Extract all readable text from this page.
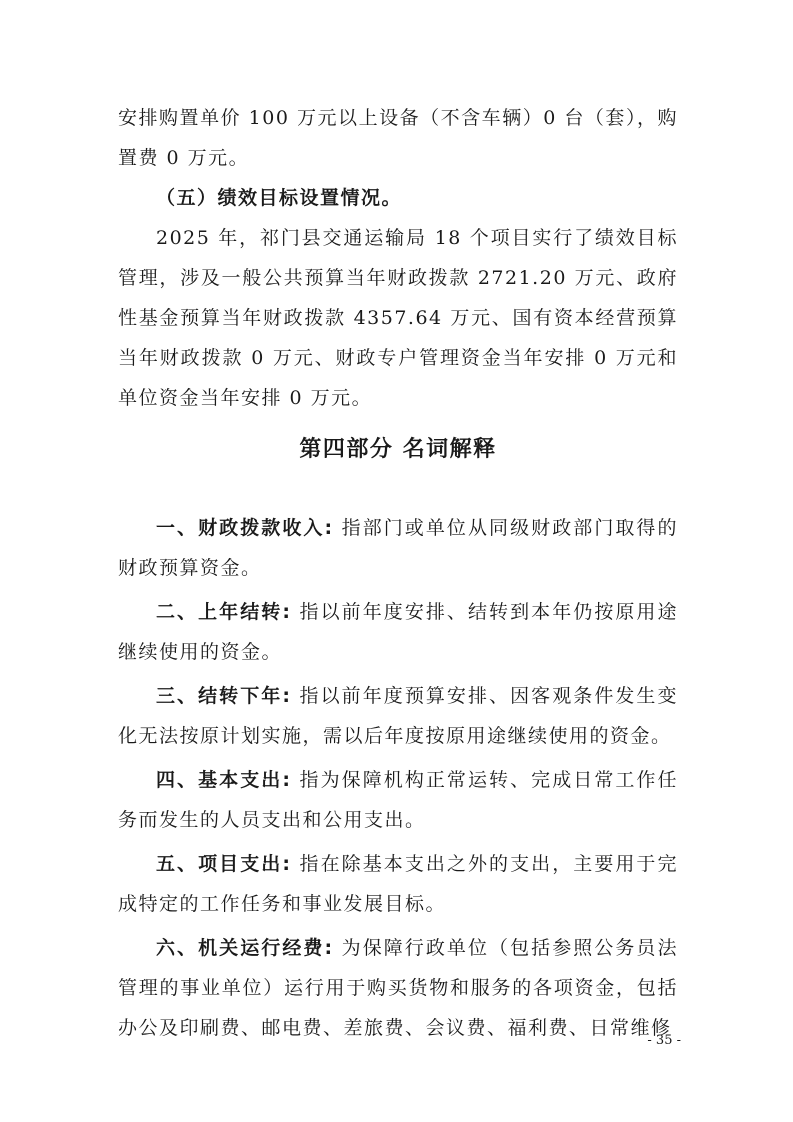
安排购置单价 100 万元以上设备（不含车辆）0 台（套），购置费 0 万元。

（五）绩效目标设置情况。

2025 年，祁门县交通运输局 18 个项目实行了绩效目标管理，涉及一般公共预算当年财政拨款 2721.20 万元、政府性基金预算当年财政拨款 4357.64 万元、国有资本经营预算当年财政拨款 0 万元、财政专户管理资金当年安排 0 万元和单位资金当年安排 0 万元。

第四部分 名词解释

一、财政拨款收入: 指部门或单位从同级财政部门取得的财政预算资金。

二、上年结转: 指以前年度安排、结转到本年仍按原用途继续使用的资金。

三、结转下年: 指以前年度预算安排、因客观条件发生变化无法按原计划实施，需以后年度按原用途继续使用的资金。

四、基本支出: 指为保障机构正常运转、完成日常工作任务而发生的人员支出和公用支出。

五、项目支出: 指在除基本支出之外的支出，主要用于完成特定的工作任务和事业发展目标。

六、机关运行经费: 为保障行政单位（包括参照公务员法管理的事业单位）运行用于购买货物和服务的各项资金，包括办公及印刷费、邮电费、差旅费、会议费、福利费、日常维修

- 35 -
